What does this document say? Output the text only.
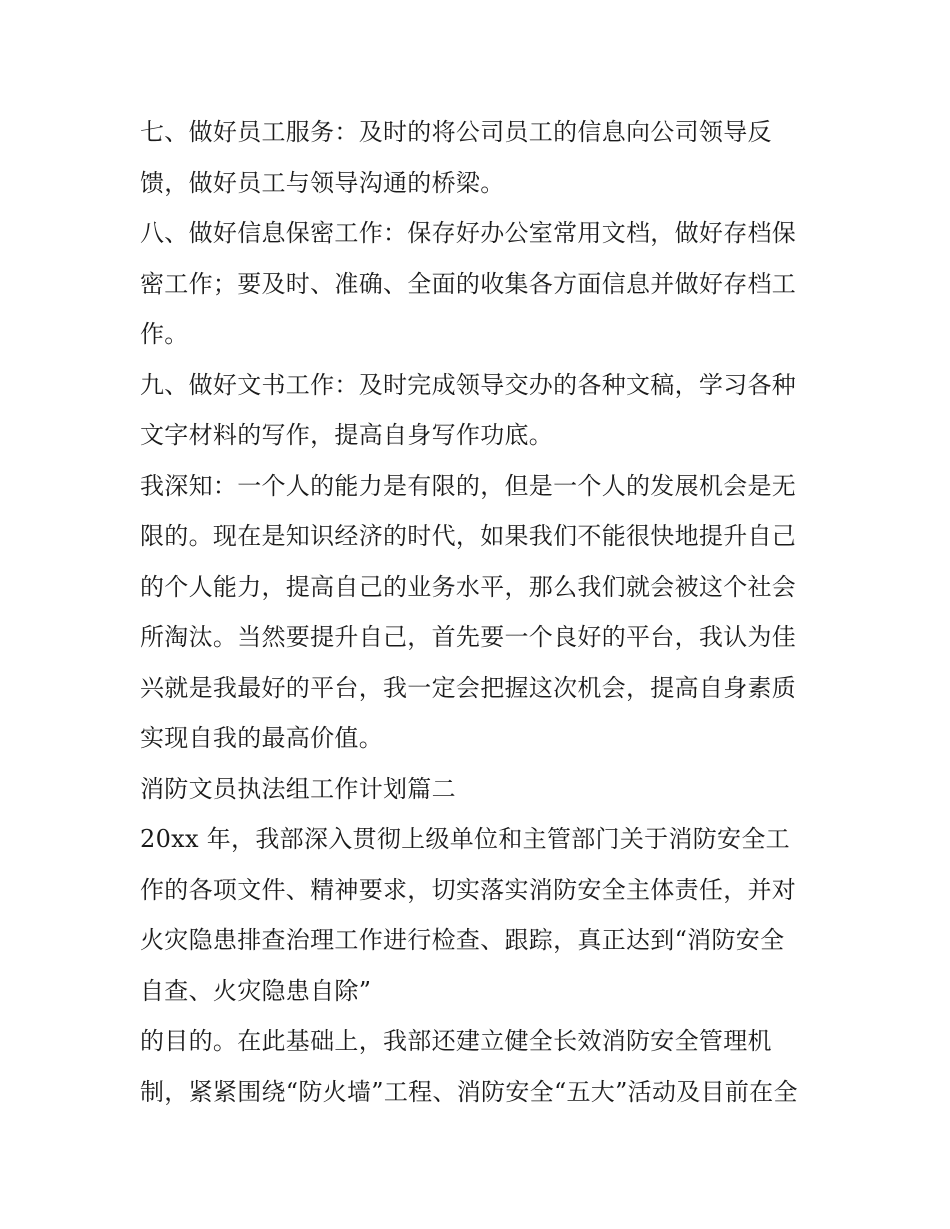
七、做好员工服务：及时的将公司员工的信息向公司领导反
馈，做好员工与领导沟通的桥梁。
八、做好信息保密工作：保存好办公室常用文档，做好存档保
密工作；要及时、准确、全面的收集各方面信息并做好存档工
作。
九、做好文书工作：及时完成领导交办的各种文稿，学习各种
文字材料的写作，提高自身写作功底。
我深知：一个人的能力是有限的，但是一个人的发展机会是无
限的。现在是知识经济的时代，如果我们不能很快地提升自己
的个人能力，提高自己的业务水平，那么我们就会被这个社会
所淘汰。当然要提升自己，首先要一个良好的平台，我认为佳
兴就是我最好的平台，我一定会把握这次机会，提高自身素质
实现自我的最高价值。
消防文员执法组工作计划篇二
20xx 年，我部深入贯彻上级单位和主管部门关于消防安全工
作的各项文件、精神要求，切实落实消防安全主体责任，并对
火灾隐患排查治理工作进行检查、跟踪，真正达到“消防安全
自查、火灾隐患自除”
的目的。在此基础上，我部还建立健全长效消防安全管理机
制，紧紧围绕“防火墙”工程、消防安全“五大”活动及目前在全
